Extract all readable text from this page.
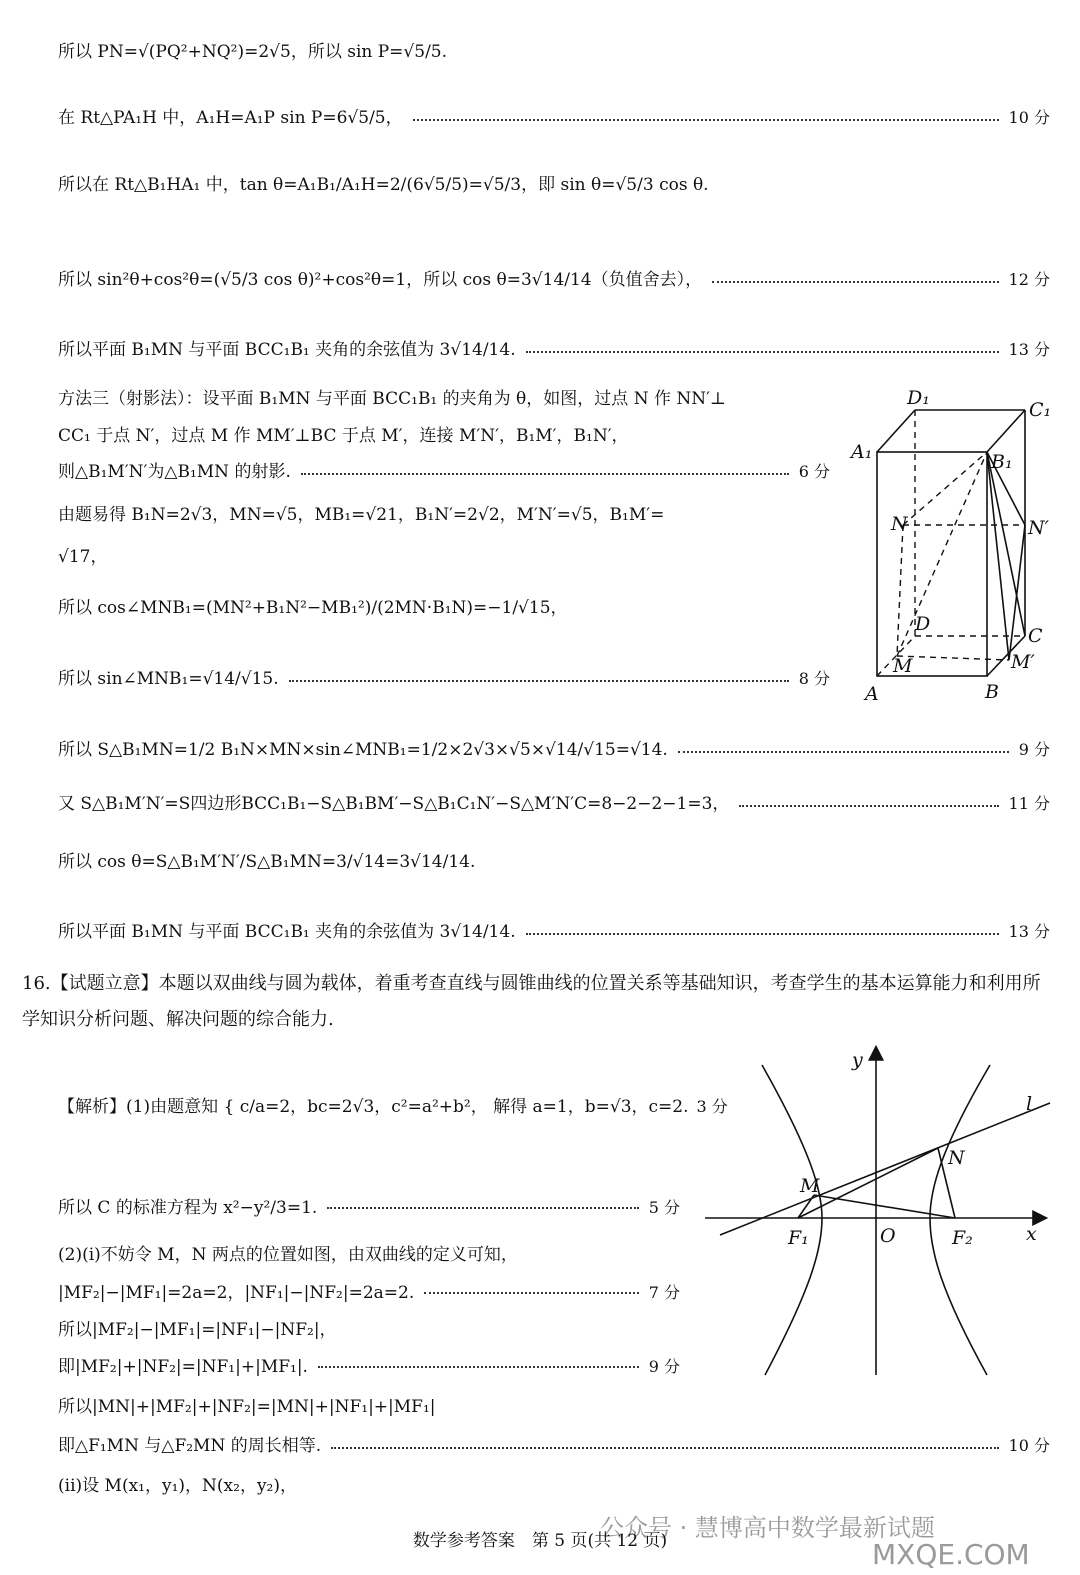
所以 PN=√(PQ²+NQ²)=2√5，所以 sin P=√5/5.
在 Rt△PA₁H 中，A₁H=A₁P sin P=6√5/5，	10 分
所以在 Rt△B₁HA₁ 中，tan θ=A₁B₁/A₁H=2/(6√5/5)=√5/3，即 sin θ=√5/3 cos θ.
所以 sin²θ+cos²θ=(√5/3 cos θ)²+cos²θ=1，所以 cos θ=3√14/14（负值舍去），	12 分
所以平面 B₁MN 与平面 BCC₁B₁ 夹角的余弦值为 3√14/14.	13 分
方法三（射影法）：设平面 B₁MN 与平面 BCC₁B₁ 的夹角为 θ，如图，过点 N 作 NN′⊥
CC₁ 于点 N′，过点 M 作 MM′⊥BC 于点 M′，连接 M′N′，B₁M′，B₁N′，
则△B₁M′N′为△B₁MN 的射影.	6 分
由题易得 B₁N=2√3，MN=√5，MB₁=√21，B₁N′=2√2，M′N′=√5，B₁M′=
√17，
所以 cos∠MNB₁=(MN²+B₁N²−MB₁²)/(2MN·B₁N)=−1/√15，
所以 sin∠MNB₁=√14/√15.	8 分
所以 S△B₁MN=1/2 B₁N×MN×sin∠MNB₁=1/2×2√3×√5×√14/√15=√14.	9 分
又 S△B₁M′N′=S四边形BCC₁B₁−S△B₁BM′−S△B₁C₁N′−S△M′N′C=8−2−2−1=3，	11 分
所以 cos θ=S△B₁M′N′/S△B₁MN=3/√14=3√14/14.
所以平面 B₁MN 与平面 BCC₁B₁ 夹角的余弦值为 3√14/14.	13 分
16.【试题立意】本题以双曲线与圆为载体，着重考查直线与圆锥曲线的位置关系等基础知识，考查学生的基本运算能力和利用所学知识分析问题、解决问题的综合能力.
【解析】(1)由题意知 { c/a=2，bc=2√3，c²=a²+b²， 解得 a=1，b=√3，c=2. 3 分
所以 C 的标准方程为 x²−y²/3=1.	5 分
(2)(i)不妨令 M，N 两点的位置如图，由双曲线的定义可知，
|MF₂|−|MF₁|=2a=2，|NF₁|−|NF₂|=2a=2.	7 分
所以|MF₂|−|MF₁|=|NF₁|−|NF₂|，
即|MF₂|+|NF₂|=|NF₁|+|MF₁|.	9 分
所以|MN|+|MF₂|+|NF₂|=|MN|+|NF₁|+|MF₁|
即△F₁MN 与△F₂MN 的周长相等.	10 分
(ii)设 M(x₁，y₁)，N(x₂，y₂)，
D₁
C₁
A₁	B₁
N	N′
D
C
M	M′
A	B
y
x
l
M
N
F₁	O	F₂
公众号 · 慧博高中数学最新试题
MXQE.COM
数学参考答案　第 5 页(共 12 页)
